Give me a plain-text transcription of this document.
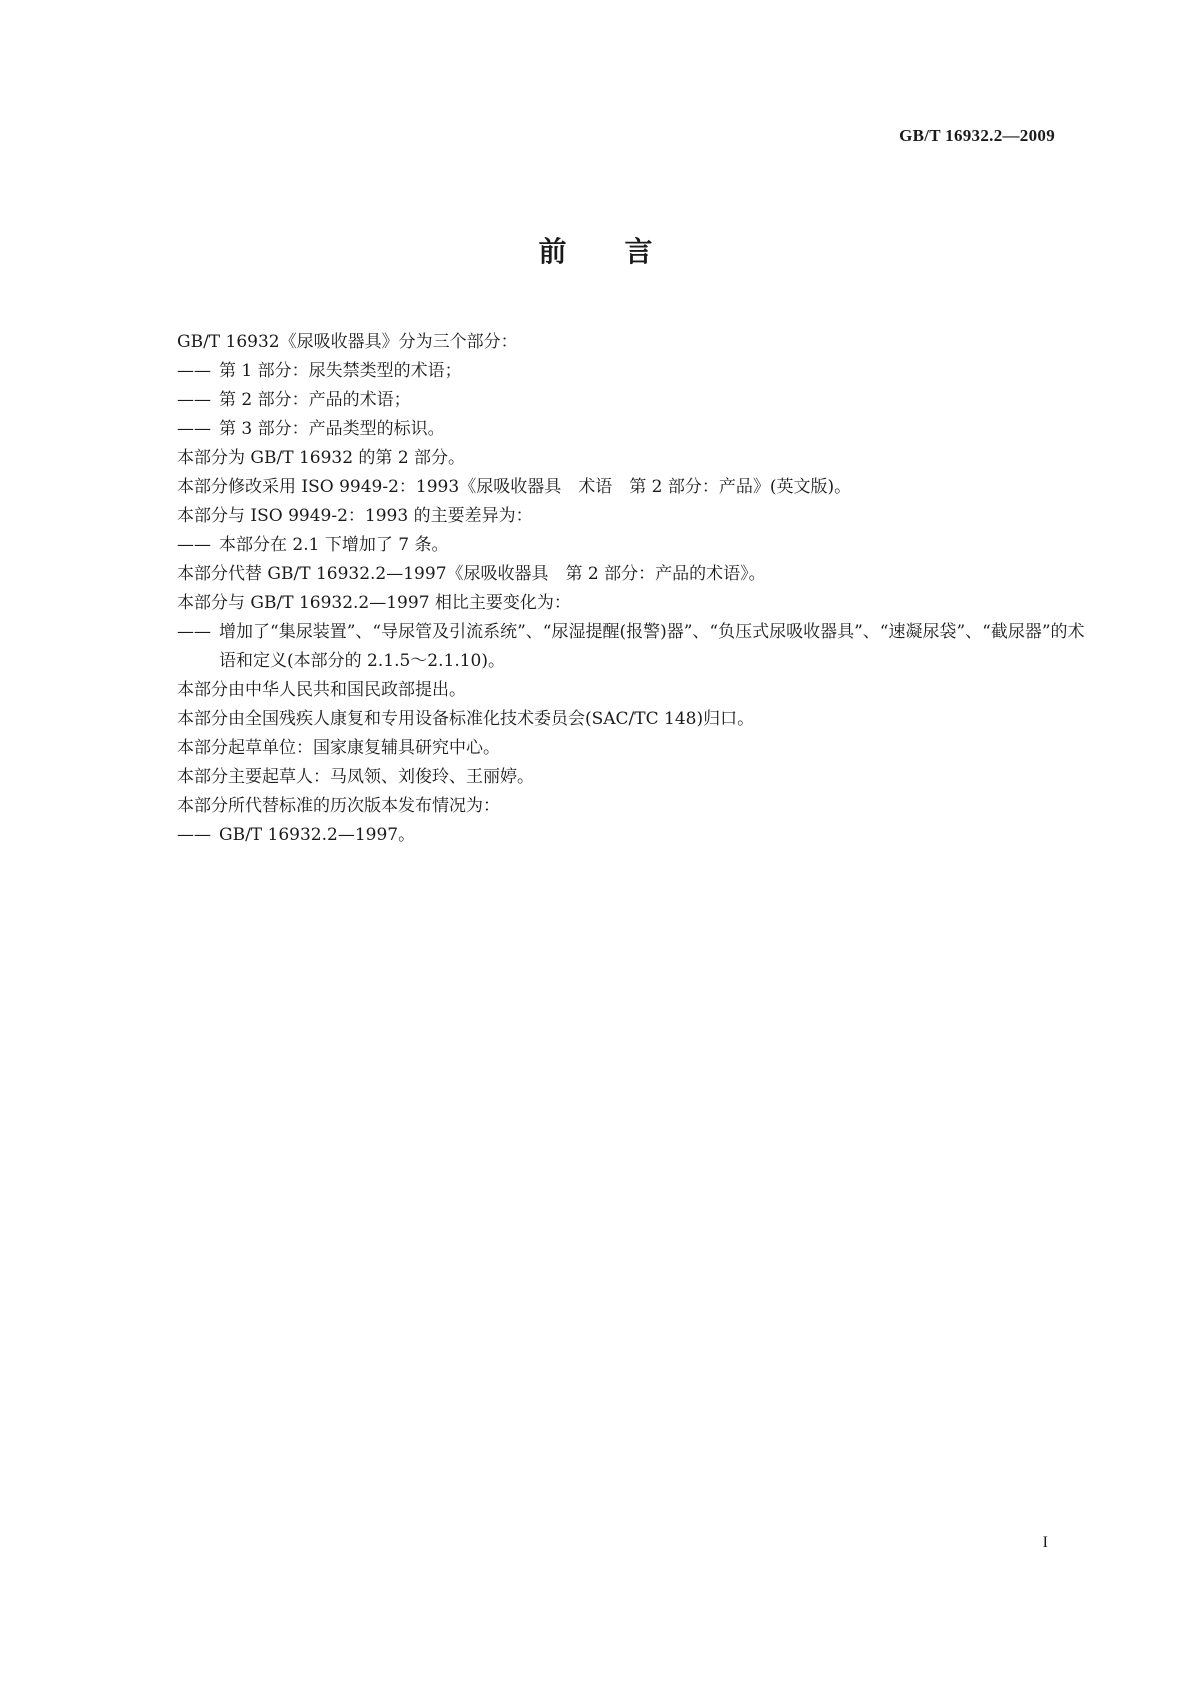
GB/T 16932.2—2009
前言

GB/T 16932《尿吸收器具》分为三个部分：

—— 第 1 部分：尿失禁类型的术语；

—— 第 2 部分：产品的术语；

—— 第 3 部分：产品类型的标识。

本部分为 GB/T 16932 的第 2 部分。

本部分修改采用 ISO 9949-2：1993《尿吸收器具　术语　第 2 部分：产品》(英文版)。

本部分与 ISO 9949-2：1993 的主要差异为：

—— 本部分在 2.1 下增加了 7 条。

本部分代替 GB/T 16932.2—1997《尿吸收器具　第 2 部分：产品的术语》。

本部分与 GB/T 16932.2—1997 相比主要变化为：

—— 增加了“集尿装置”、“导尿管及引流系统”、“尿湿提醒(报警)器”、“负压式尿吸收器具”、“速凝尿袋”、“截尿器”的术语和定义(本部分的 2.1.5～2.1.10)。

本部分由中华人民共和国民政部提出。

本部分由全国残疾人康复和专用设备标准化技术委员会(SAC/TC 148)归口。

本部分起草单位：国家康复辅具研究中心。

本部分主要起草人：马凤领、刘俊玲、王丽婷。

本部分所代替标准的历次版本发布情况为：

—— GB/T 16932.2—1997。

I
